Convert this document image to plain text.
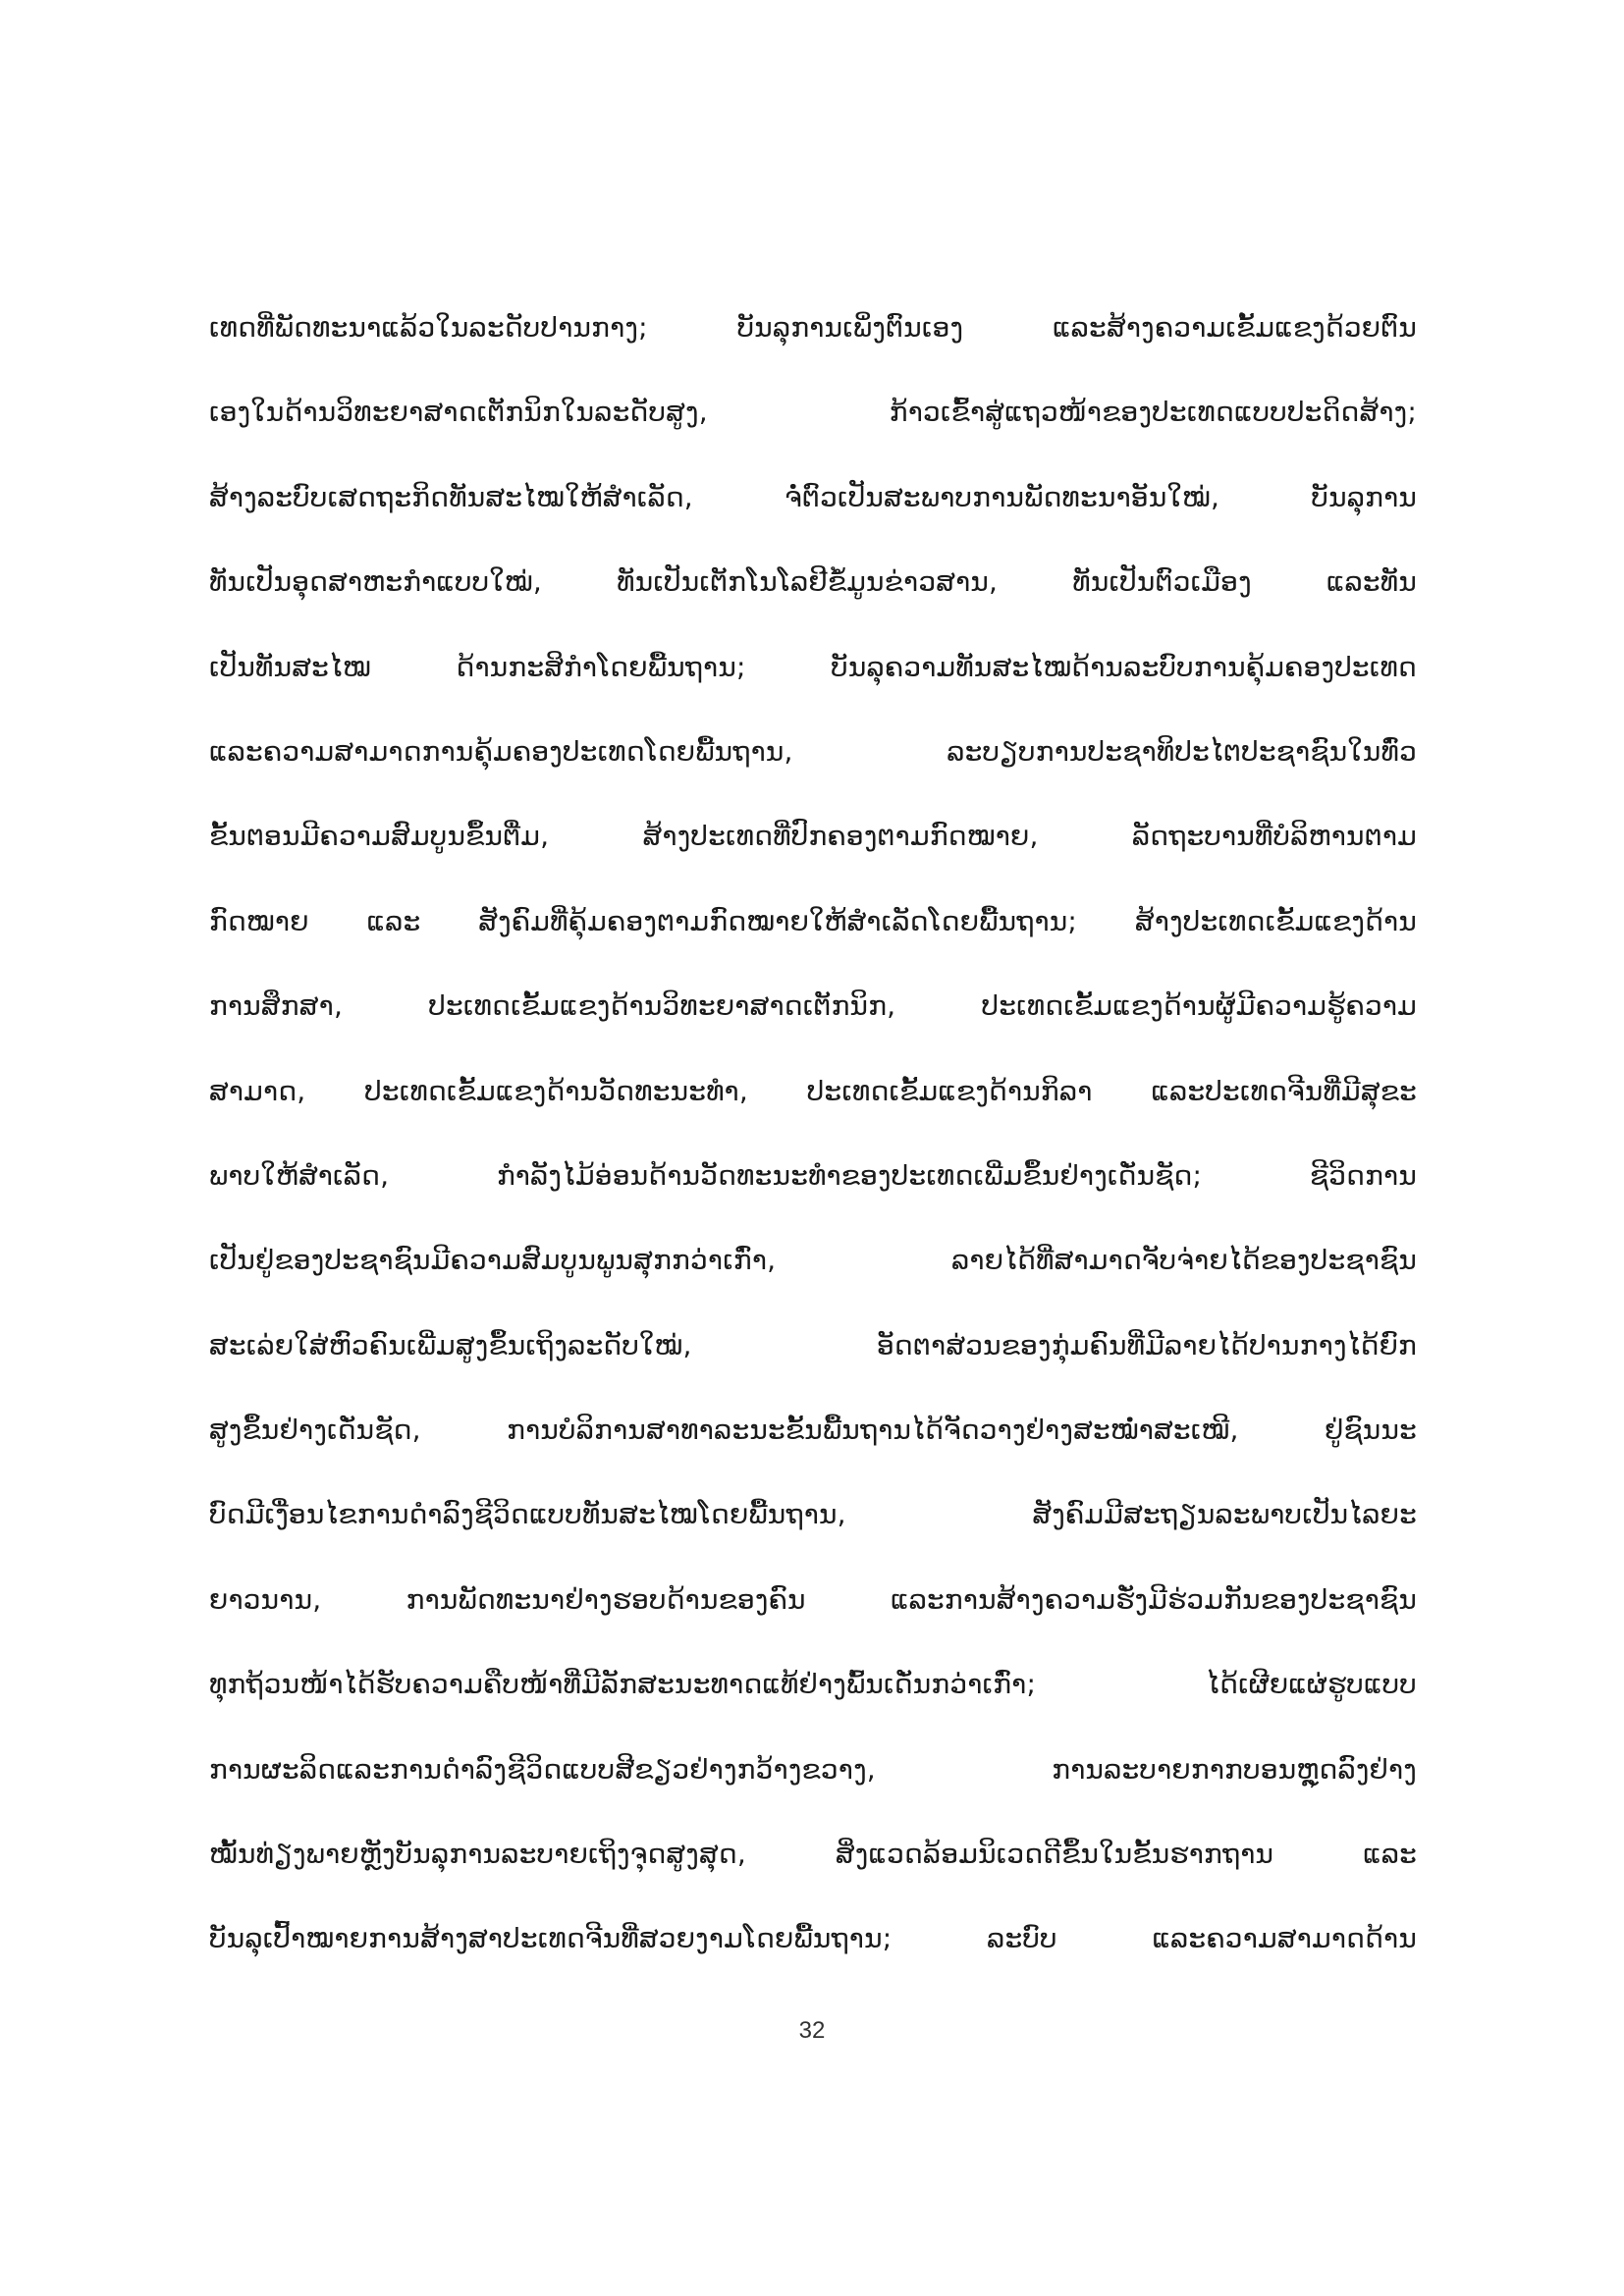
ເທດທີ່ພັດທະນາແລ້ວໃນລະດັບປານກາງ; ບັນລຸການເພິ່ງຕົນເອງ ແລະສ້າງຄວາມເຂັ້ມແຂງດ້ວຍຕົນ
ເອງໃນດ້ານວິທະຍາສາດເຕັກນິກໃນລະດັບສູງ, ກ້າວເຂົ້າສູ່ແຖວໜ້າຂອງປະເທດແບບປະດິດສ້າງ;
ສ້າງລະບົບເສດຖະກິດທັນສະໄໝໃຫ້ສຳເລັດ, ຈໍ່ຕົວເປັນສະພາບການພັດທະນາອັນໃໝ່, ບັນລຸການ
ທັນເປັນອຸດສາຫະກຳແບບໃໝ່, ທັນເປັນເຕັກໂນໂລຢີຂໍ້ມູນຂ່າວສານ, ທັນເປັນຕົວເມືອງ ແລະທັນ
ເປັນທັນສະໄໝ ດ້ານກະສິກຳໂດຍພື້ນຖານ; ບັນລຸຄວາມທັນສະໄໝດ້ານລະບົບການຄຸ້ມຄອງປະເທດ
ແລະຄວາມສາມາດການຄຸ້ມຄອງປະເທດໂດຍພື້ນຖານ, ລະບຽບການປະຊາທິປະໄຕປະຊາຊົນໃນທົ່ວ
ຂັ້ນຕອນມີຄວາມສົມບູນຂຶ້ນຕື່ມ, ສ້າງປະເທດທີ່ປົກຄອງຕາມກົດໝາຍ, ລັດຖະບານທີ່ບໍລິຫານຕາມ
ກົດໝາຍ ແລະ ສັງຄົມທີ່ຄຸ້ມຄອງຕາມກົດໝາຍໃຫ້ສຳເລັດໂດຍພື້ນຖານ; ສ້າງປະເທດເຂັ້ມແຂງດ້ານ
ການສຶກສາ, ປະເທດເຂັ້ມແຂງດ້ານວິທະຍາສາດເຕັກນິກ, ປະເທດເຂັ້ມແຂງດ້ານຜູ້ມີຄວາມຮູ້ຄວາມ
ສາມາດ, ປະເທດເຂັ້ມແຂງດ້ານວັດທະນະທຳ, ປະເທດເຂັ້ມແຂງດ້ານກິລາ ແລະປະເທດຈີນທີ່ມີສຸຂະ
ພາບໃຫ້ສຳເລັດ, ກຳລັງໄມ້ອ່ອນດ້ານວັດທະນະທຳຂອງປະເທດເພີ່ມຂຶ້ນຢ່າງເດັ່ນຊັດ; ຊີວິດການ
ເປັນຢູ່ຂອງປະຊາຊົນມີຄວາມສົມບູນພູນສຸກກວ່າເກົ່າ, ລາຍໄດ້ທີ່ສາມາດຈັບຈ່າຍໄດ້ຂອງປະຊາຊົນ
ສະເລ່ຍໃສ່ຫົວຄົນເພີ່ມສູງຂຶ້ນເຖິງລະດັບໃໝ່, ອັດຕາສ່ວນຂອງກຸ່ມຄົນທີ່ມີລາຍໄດ້ປານກາງໄດ້ຍົກ
ສູງຂຶ້ນຢ່າງເດັ່ນຊັດ, ການບໍລິການສາທາລະນະຂັ້ນພື້ນຖານໄດ້ຈັດວາງຢ່າງສະໝ່ຳສະເໝີ, ຢູ່ຊົນນະ
ບົດມີເງື່ອນໄຂການດຳລົງຊີວິດແບບທັນສະໄໝໂດຍພື້ນຖານ, ສັງຄົມມີສະຖຽນລະພາບເປັນໄລຍະ
ຍາວນານ, ການພັດທະນາຢ່າງຮອບດ້ານຂອງຄົນ ແລະການສ້າງຄວາມຮັ່ງມີຮ່ວມກັນຂອງປະຊາຊົນ
ທຸກຖ້ວນໜ້າໄດ້ຮັບຄວາມຄືບໜ້າທີ່ມີລັກສະນະທາດແທ້ຢ່າງພົ້ນເດັ່ນກວ່າເກົ່າ; ໄດ້ເຜີຍແຜ່ຮູບແບບ
ການຜະລິດແລະການດຳລົງຊີວິດແບບສີຂຽວຢ່າງກວ້າງຂວາງ, ການລະບາຍກາກບອນຫຼຸດລົງຢ່າງ
ໝັ້ນທ່ຽງພາຍຫຼັງບັນລຸການລະບາຍເຖິງຈຸດສູງສຸດ, ສິ່ງແວດລ້ອມນິເວດດີຂຶ້ນໃນຂັ້ນຮາກຖານ ແລະ
ບັນລຸເປົ້າໝາຍການສ້າງສາປະເທດຈີນທີ່ສວຍງາມໂດຍພື້ນຖານ; ລະບົບ ແລະຄວາມສາມາດດ້ານ
32
